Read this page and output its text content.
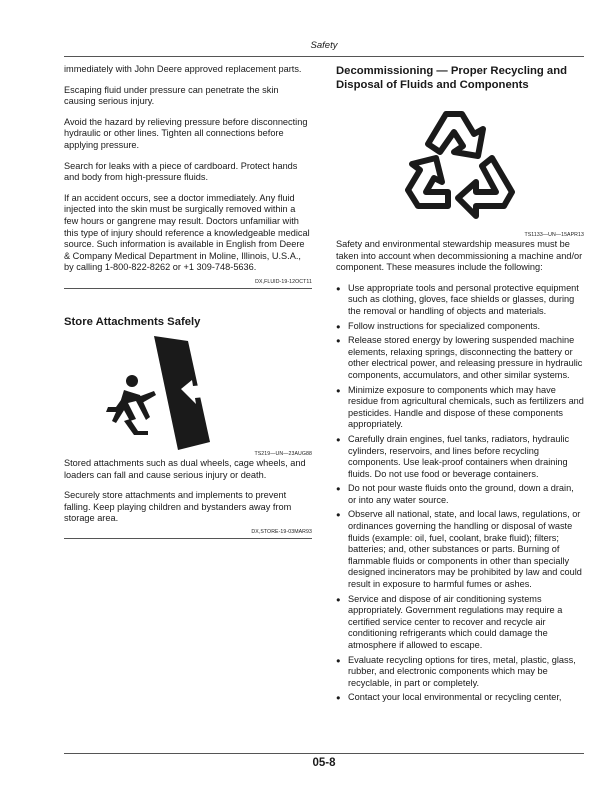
Safety

immediately with John Deere approved replacement parts.

Escaping fluid under pressure can penetrate the skin causing serious injury.

Avoid the hazard by relieving pressure before disconnecting hydraulic or other lines. Tighten all connections before applying pressure.

Search for leaks with a piece of cardboard. Protect hands and body from high-pressure fluids.

If an accident occurs, see a doctor immediately. Any fluid injected into the skin must be surgically removed within a few hours or gangrene may result. Doctors unfamiliar with this type of injury should reference a knowledgeable medical source. Such information is available in English from Deere & Company Medical Department in Moline, Illinois, U.S.A., by calling 1-800-822-8262 or +1 309-748-5636.

DX,FLUID-19-12OCT11
Store Attachments Safely
TS219—UN—23AUG88

Stored attachments such as dual wheels, cage wheels, and loaders can fall and cause serious injury or death.

Securely store attachments and implements to prevent falling. Keep playing children and bystanders away from storage area.

DX,STORE-19-03MAR93
Decommissioning — Proper Recycling and Disposal of Fluids and Components
TS1133—UN—15APR13

Safety and environmental stewardship measures must be taken into account when decommissioning a machine and/or component. These measures include the following:

● Use appropriate tools and personal protective equipment such as clothing, gloves, face shields or glasses, during the removal or handling of objects and materials.
● Follow instructions for specialized components.
● Release stored energy by lowering suspended machine elements, relaxing springs, disconnecting the battery or other electrical power, and releasing pressure in hydraulic components, accumulators, and other similar systems.
● Minimize exposure to components which may have residue from agricultural chemicals, such as fertilizers and pesticides. Handle and dispose of these components appropriately.
● Carefully drain engines, fuel tanks, radiators, hydraulic cylinders, reservoirs, and lines before recycling components. Use leak-proof containers when draining fluids. Do not use food or beverage containers.
● Do not pour waste fluids onto the ground, down a drain, or into any water source.
● Observe all national, state, and local laws, regulations, or ordinances governing the handling or disposal of waste fluids (example: oil, fuel, coolant, brake fluid); filters; batteries; and, other substances or parts. Burning of flammable fluids or components in other than specially designed incinerators may be prohibited by law and could result in exposure to harmful fumes or ashes.
● Service and dispose of air conditioning systems appropriately. Government regulations may require a certified service center to recover and recycle air conditioning refrigerants which could damage the atmosphere if allowed to escape.
● Evaluate recycling options for tires, metal, plastic, glass, rubber, and electronic components which may be recyclable, in part or completely.
● Contact your local environmental or recycling center,
05-8
